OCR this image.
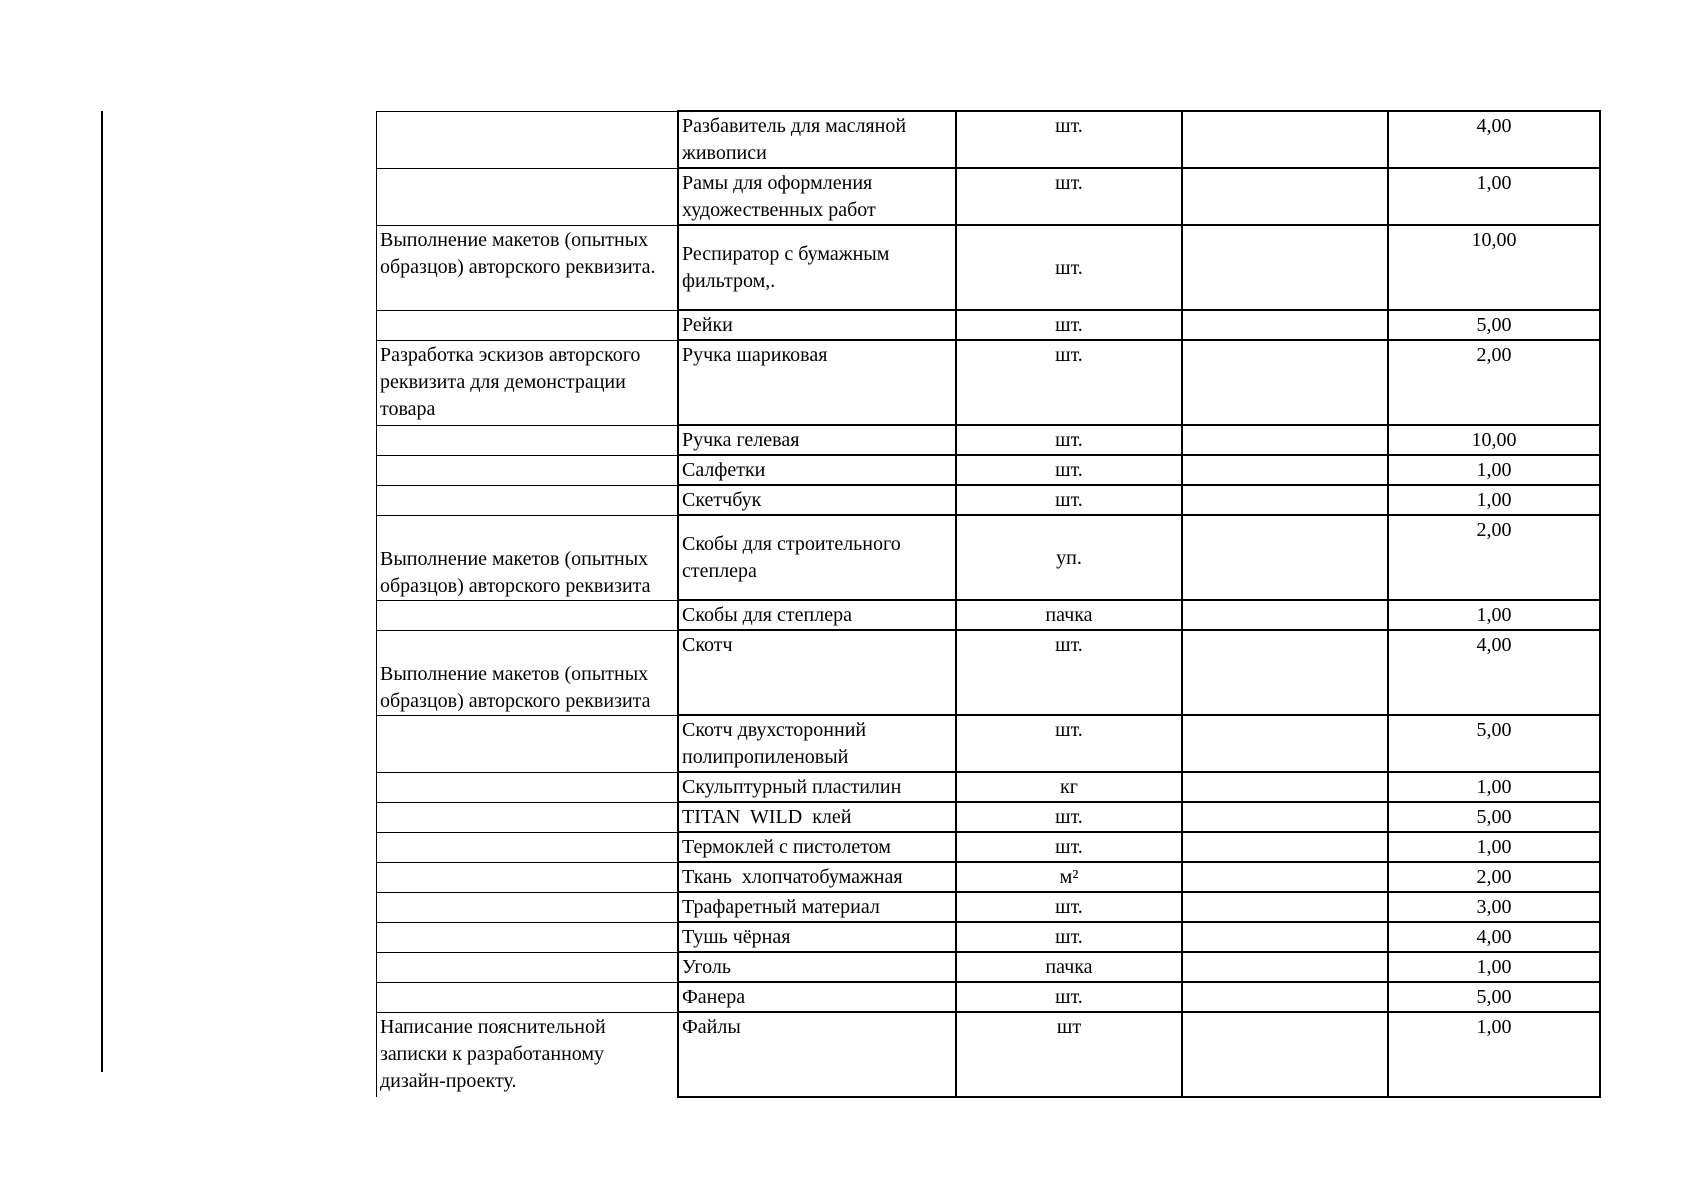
	Разбавитель для масляной живописи	шт.		4,00
	Рамы для оформления художественных работ	шт.		1,00
Выполнение макетов (опытных образцов) авторского реквизита.	Респиратор с бумажным фильтром,.	шт.		10,00
	Рейки	шт.		5,00
Разработка эскизов авторского реквизита для демонстрации товара	Ручка шариковая	шт.		2,00
	Ручка гелевая	шт.		10,00
	Салфетки	шт.		1,00
	Скетчбук	шт.		1,00
Выполнение макетов (опытных образцов) авторского реквизита	Скобы для строительного степлера	уп.		2,00
	Скобы для степлера	пачка		1,00
Выполнение макетов (опытных образцов) авторского реквизита	Скотч	шт.		4,00
	Скотч двухсторонний полипропиленовый	шт.		5,00
	Скульптурный пластилин	кг		1,00
	TITAN  WILD  клей	шт.		5,00
	Термоклей с пистолетом	шт.		1,00
	Ткань  хлопчатобумажная	м²		2,00
	Трафаретный материал	шт.		3,00
	Тушь чёрная	шт.		4,00
	Уголь	пачка		1,00
	Фанера	шт.		5,00
Написание пояснительной записки к разработанному дизайн-проекту.	Файлы	шт		1,00
